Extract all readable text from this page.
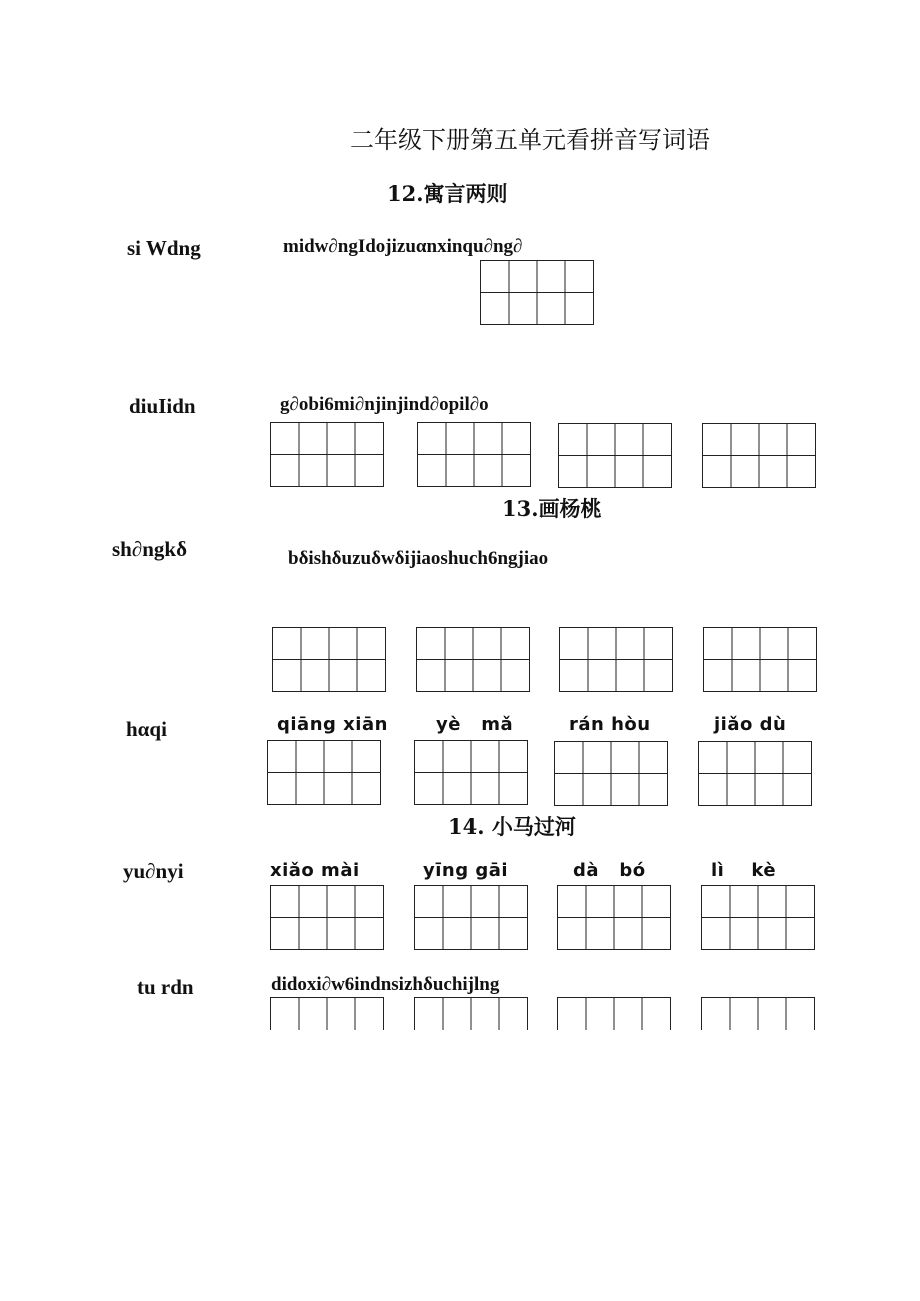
二年级下册第五单元看拼音写词语
12.寓言两则
si Wdng	midw∂ngIdojizuαnxinqu∂ng∂
diuIidn	g∂obi6mi∂njinjind∂opil∂o
13.画杨桃
sh∂ngkδ	bδishδuzuδwδijiaoshuch6ngjiao
hαqi	qiāng xiān	yè   mǎ	rán hòu	jiǎo dù
14. 小马过河
yu∂nyi	xiǎo mài	yīng gāi	dà   bó	lì    kè
tu rdn	didoxi∂w6indnsizhδuchijlng
